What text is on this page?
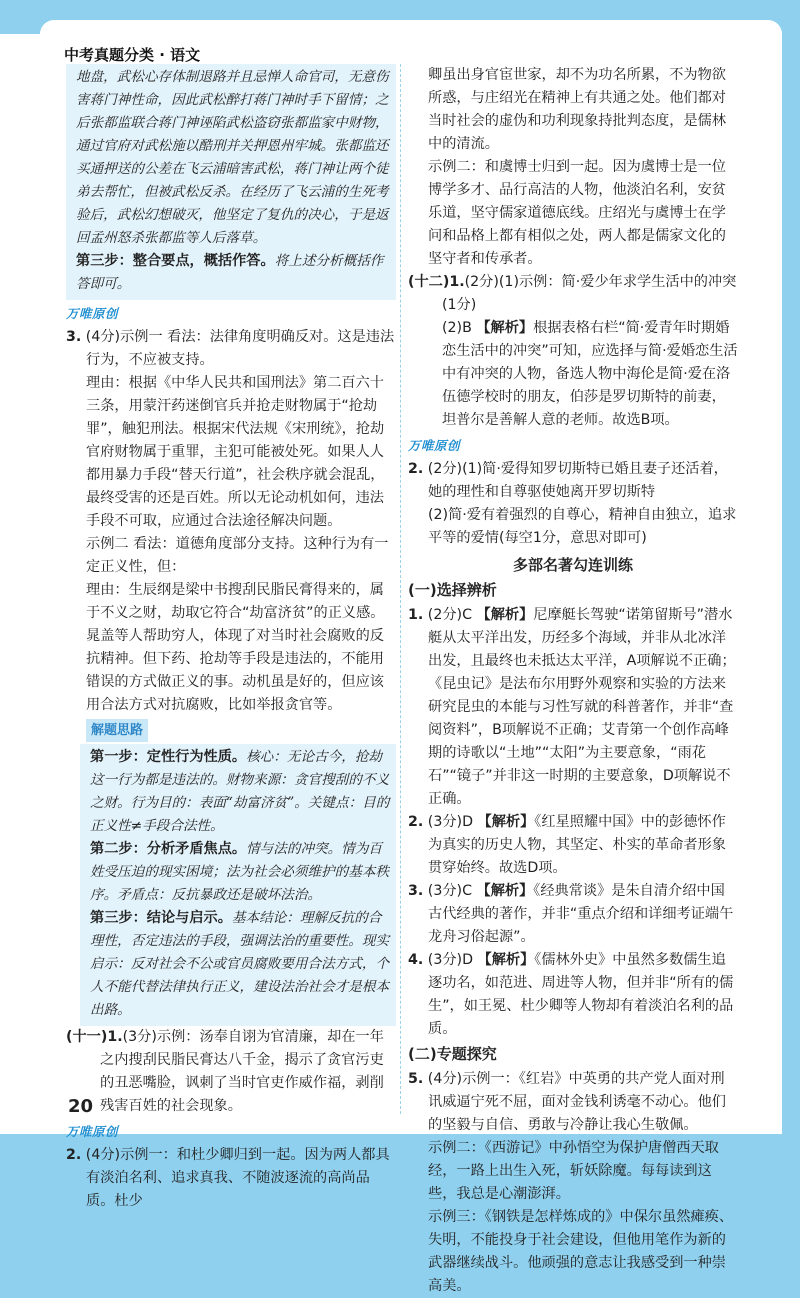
中考真题分类 · 语文

地盘，武松心存体制退路并且忌惮人命官司，无意伤害蒋门神性命，因此武松醉打蒋门神时手下留情；之后张都监联合蒋门神诬陷武松盗窃张都监家中财物，通过官府对武松施以酷刑并关押恩州牢城。张都监还买通押送的公差在飞云浦暗害武松，蒋门神让两个徒弟去帮忙，但被武松反杀。在经历了飞云浦的生死考验后，武松幻想破灭，他坚定了复仇的决心，于是返回孟州怒杀张都监等人后落草。

第三步：整合要点，概括作答。将上述分析概括作答即可。

万唯原创

3. (4分)示例一 看法：法律角度明确反对。这是违法行为，不应被支持。

理由：根据《中华人民共和国刑法》第二百六十三条，用蒙汗药迷倒官兵并抢走财物属于“抢劫罪”，触犯刑法。根据宋代法规《宋刑统》，抢劫官府财物属于重罪，主犯可能被处死。如果人人都用暴力手段“替天行道”，社会秩序就会混乱，最终受害的还是百姓。所以无论动机如何，违法手段不可取，应通过合法途径解决问题。

示例二 看法：道德角度部分支持。这种行为有一定正义性，但：

理由：生辰纲是梁中书搜刮民脂民膏得来的，属于不义之财，劫取它符合“劫富济贫”的正义感。晁盖等人帮助穷人，体现了对当时社会腐败的反抗精神。但下药、抢劫等手段是违法的，不能用错误的方式做正义的事。动机虽是好的，但应该用合法方式对抗腐败，比如举报贪官等。

解题思路

第一步：定性行为性质。核心：无论古今，抢劫这一行为都是违法的。财物来源：贪官搜刮的不义之财。行为目的：表面“劫富济贫”。关键点：目的正义性≠手段合法性。

第二步：分析矛盾焦点。情与法的冲突。情为百姓受压迫的现实困境；法为社会必须维护的基本秩序。矛盾点：反抗暴政还是破坏法治。

第三步：结论与启示。基本结论：理解反抗的合理性，否定违法的手段，强调法治的重要性。现实启示：反对社会不公或官员腐败要用合法方式，个人不能代替法律执行正义，建设法治社会才是根本出路。

(十一)1.(3分)示例：汤奉自诩为官清廉，却在一年之内搜刮民脂民膏达八千金，揭示了贪官污吏的丑恶嘴脸，讽刺了当时官吏作威作福，剥削残害百姓的社会现象。

万唯原创

2. (4分)示例一：和杜少卿归到一起。因为两人都具有淡泊名利、追求真我、不随波逐流的高尚品质。杜少

卿虽出身官宦世家，却不为功名所累，不为物欲所惑，与庄绍光在精神上有共通之处。他们都对当时社会的虚伪和功利现象持批判态度，是儒林中的清流。

示例二：和虞博士归到一起。因为虞博士是一位博学多才、品行高洁的人物，他淡泊名利，安贫乐道，坚守儒家道德底线。庄绍光与虞博士在学问和品格上都有相似之处，两人都是儒家文化的坚守者和传承者。

(十二)1.(2分)(1)示例：简·爱少年求学生活中的冲突(1分)

(2)B 【解析】根据表格右栏“简·爱青年时期婚恋生活中的冲突”可知，应选择与简·爱婚恋生活中有冲突的人物，备选人物中海伦是简·爱在洛伍德学校时的朋友，伯莎是罗切斯特的前妻，坦普尔是善解人意的老师。故选B项。

万唯原创

2. (2分)(1)简·爱得知罗切斯特已婚且妻子还活着，她的理性和自尊驱使她离开罗切斯特

(2)简·爱有着强烈的自尊心，精神自由独立，追求平等的爱情(每空1分，意思对即可)

多部名著勾连训练
(一)选择辨析

1. (2分)C 【解析】尼摩艇长驾驶“诺第留斯号”潜水艇从太平洋出发，历经多个海域，并非从北冰洋出发，且最终也未抵达太平洋，A项解说不正确；《昆虫记》是法布尔用野外观察和实验的方法来研究昆虫的本能与习性写就的科普著作，并非“查阅资料”，B项解说不正确；艾青第一个创作高峰期的诗歌以“土地”“太阳”为主要意象，“雨花石”“镜子”并非这一时期的主要意象，D项解说不正确。

2. (3分)D 【解析】《红星照耀中国》中的彭德怀作为真实的历史人物，其坚定、朴实的革命者形象贯穿始终。故选D项。

3. (3分)C 【解析】《经典常谈》是朱自清介绍中国古代经典的著作，并非“重点介绍和详细考证端午龙舟习俗起源”。

4. (3分)D 【解析】《儒林外史》中虽然多数儒生追逐功名，如范进、周进等人物，但并非“所有的儒生”，如王冕、杜少卿等人物却有着淡泊名利的品质。

(二)专题探究

5. (4分)示例一：《红岩》中英勇的共产党人面对刑讯威逼宁死不屈，面对金钱利诱毫不动心。他们的坚毅与自信、勇敢与冷静让我心生敬佩。

示例二：《西游记》中孙悟空为保护唐僧西天取经，一路上出生入死，斩妖除魔。每每读到这些，我总是心潮澎湃。

示例三：《钢铁是怎样炼成的》中保尔虽然瘫痪、失明，不能投身于社会建设，但他用笔作为新的武器继续战斗。他顽强的意志让我感受到一种崇高美。

20
